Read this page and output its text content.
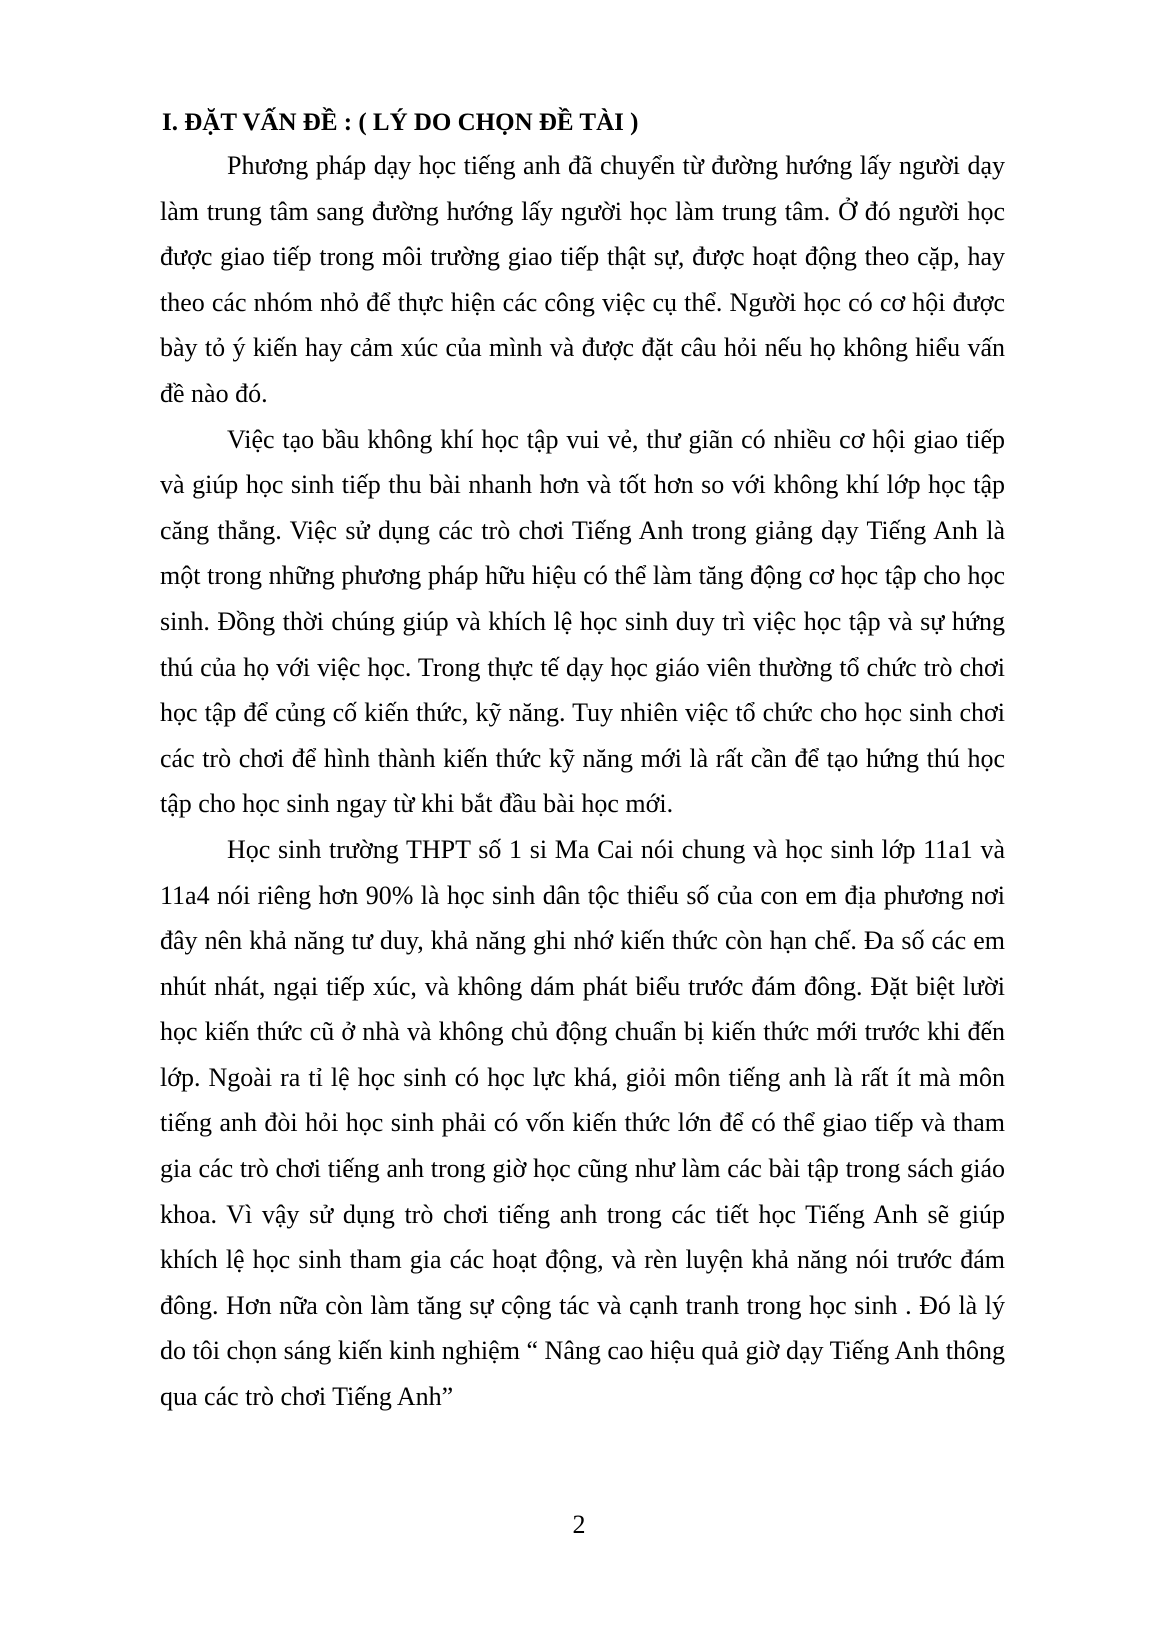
I. ĐẶT VẤN ĐỀ : ( LÝ DO CHỌN ĐỀ TÀI )

Phương pháp dạy học tiếng anh đã chuyển từ đường hướng lấy người dạy làm trung tâm sang đường hướng lấy người học làm trung tâm. Ở đó người học được giao tiếp trong môi trường giao tiếp thật sự, được hoạt động theo cặp, hay theo các nhóm nhỏ để thực hiện các công việc cụ thể. Người học có cơ hội được bày tỏ ý kiến hay cảm xúc của mình và được đặt câu hỏi nếu họ không hiểu vấn đề nào đó.

Việc tạo bầu không khí học tập vui vẻ, thư giãn có nhiều cơ hội giao tiếp và giúp học sinh tiếp thu bài nhanh hơn và tốt hơn so với không khí lớp học tập căng thẳng. Việc sử dụng các trò chơi Tiếng Anh trong giảng dạy Tiếng Anh là một trong những phương pháp hữu hiệu có thể làm tăng động cơ học tập cho học sinh. Đồng thời chúng giúp và khích lệ học sinh duy trì việc học tập và sự hứng thú của họ với việc học. Trong thực tế dạy học giáo viên thường tổ chức trò chơi học tập để củng cố kiến thức, kỹ năng. Tuy nhiên việc tổ chức cho học sinh chơi các trò chơi để hình thành kiến thức kỹ năng mới là rất cần để tạo hứng thú học tập cho học sinh ngay từ khi bắt đầu bài học mới.

Học sinh trường THPT số 1 si Ma Cai nói chung và học sinh lớp 11a1 và 11a4 nói riêng hơn 90% là học sinh dân tộc thiểu số của con em địa phương nơi đây nên khả năng tư duy, khả năng ghi nhớ kiến thức còn hạn chế. Đa số các em nhút nhát, ngại tiếp xúc, và không dám phát biểu trước đám đông. Đặt biệt lười học kiến thức cũ ở nhà và không chủ động chuẩn bị kiến thức mới trước khi đến lớp. Ngoài ra tỉ lệ học sinh có học lực khá, giỏi môn tiếng anh là rất ít mà môn tiếng anh đòi hỏi học sinh phải có vốn kiến thức lớn để có thể giao tiếp và tham gia các trò chơi tiếng anh trong giờ học cũng như làm các bài tập trong sách giáo khoa. Vì vậy sử dụng trò chơi tiếng anh trong các tiết học Tiếng Anh sẽ giúp khích lệ học sinh tham gia các hoạt động, và rèn luyện khả năng nói trước đám đông. Hơn nữa còn làm tăng sự cộng tác và cạnh tranh trong học sinh . Đó là lý do tôi chọn sáng kiến kinh nghiệm “ Nâng cao hiệu quả giờ dạy Tiếng Anh thông qua các trò chơi Tiếng Anh”

2
